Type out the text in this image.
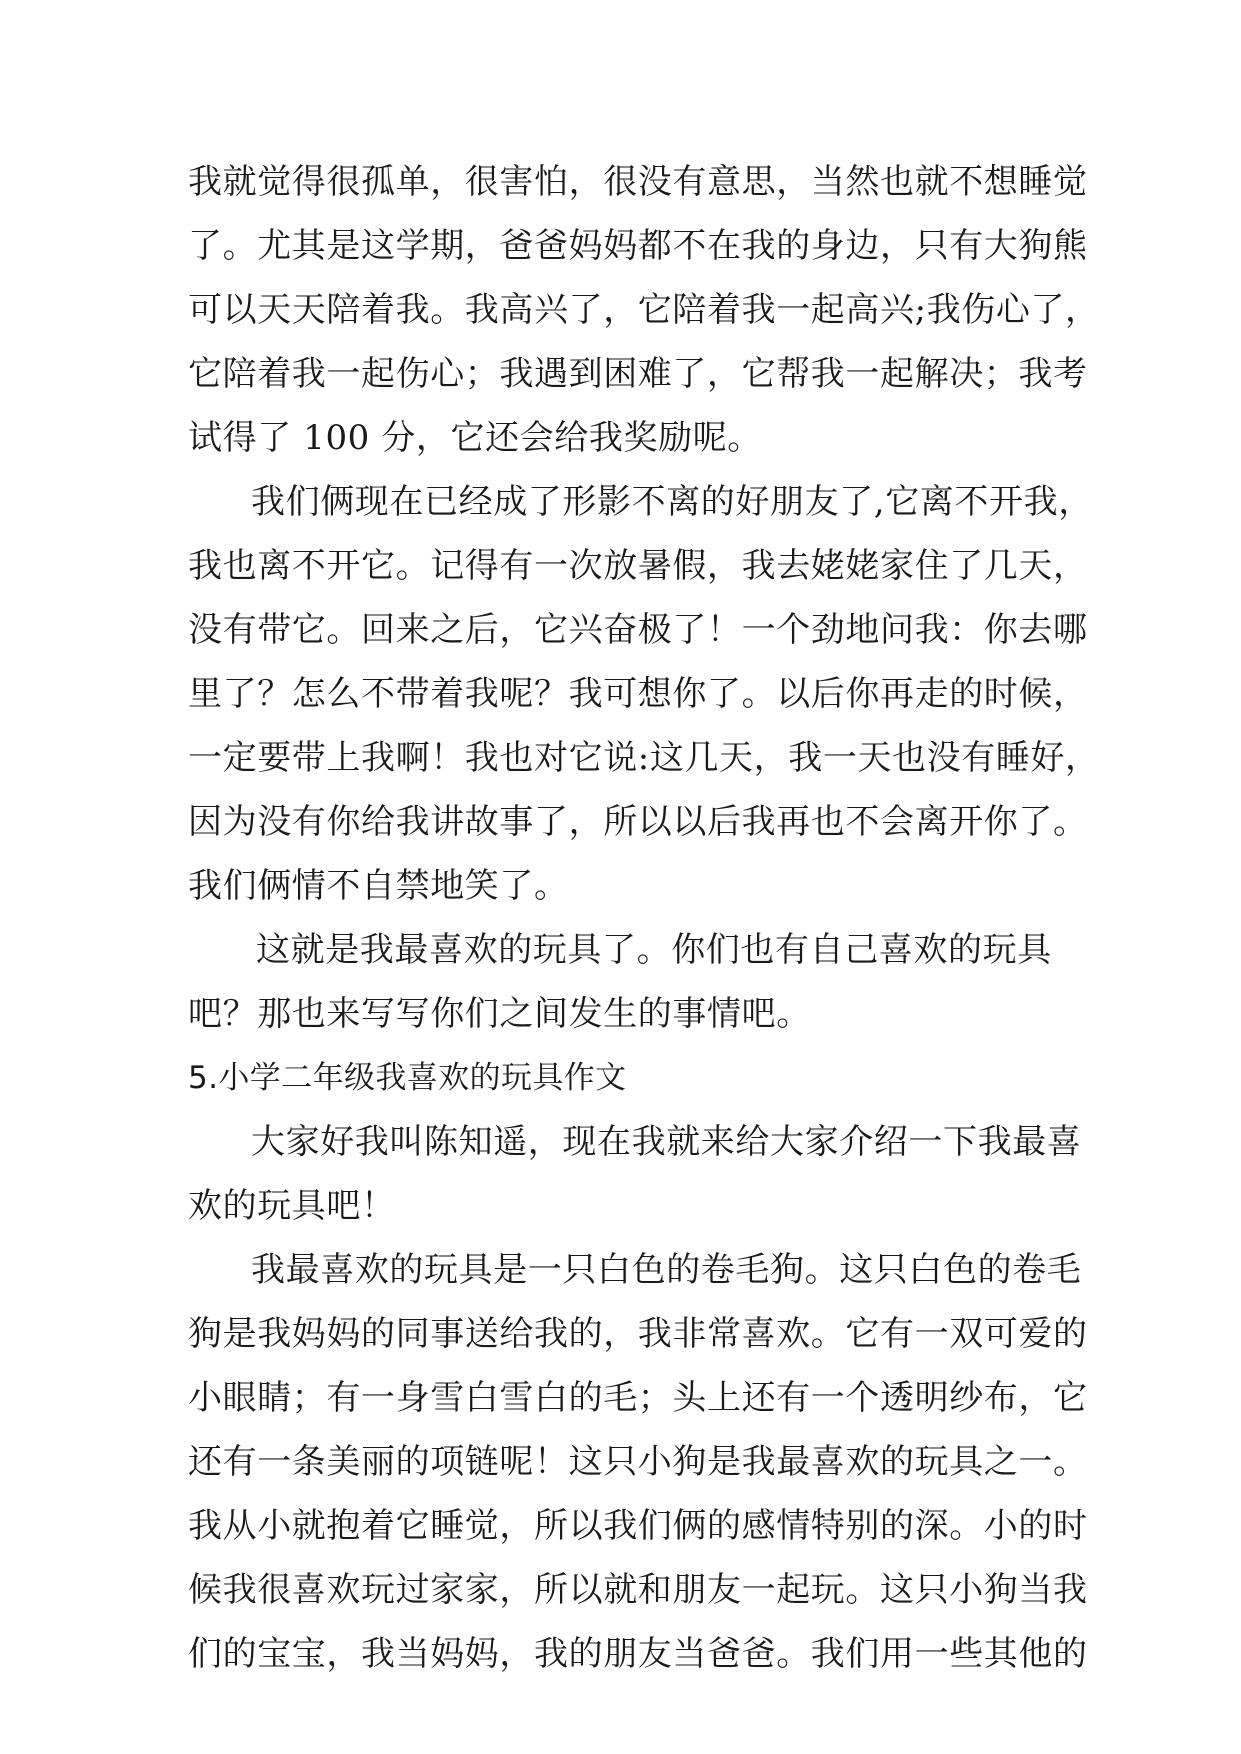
我就觉得很孤单，很害怕，很没有意思，当然也就不想睡觉
了。尤其是这学期，爸爸妈妈都不在我的身边，只有大狗熊
可以天天陪着我。我高兴了，它陪着我一起高兴;我伤心了，
它陪着我一起伤心；我遇到困难了，它帮我一起解决；我考
试得了 100 分，它还会给我奖励呢。
我们俩现在已经成了形影不离的好朋友了,它离不开我，
我也离不开它。记得有一次放暑假，我去姥姥家住了几天，
没有带它。回来之后，它兴奋极了！一个劲地问我：你去哪
里了？怎么不带着我呢？我可想你了。以后你再走的时候，
一定要带上我啊！我也对它说:这几天，我一天也没有睡好，
因为没有你给我讲故事了，所以以后我再也不会离开你了。
我们俩情不自禁地笑了。
这就是我最喜欢的玩具了。你们也有自己喜欢的玩具
吧？那也来写写你们之间发生的事情吧。
5.小学二年级我喜欢的玩具作文
大家好我叫陈知遥，现在我就来给大家介绍一下我最喜
欢的玩具吧！
我最喜欢的玩具是一只白色的卷毛狗。这只白色的卷毛
狗是我妈妈的同事送给我的，我非常喜欢。它有一双可爱的
小眼睛；有一身雪白雪白的毛；头上还有一个透明纱布，它
还有一条美丽的项链呢！这只小狗是我最喜欢的玩具之一。
我从小就抱着它睡觉，所以我们俩的感情特别的深。小的时
候我很喜欢玩过家家，所以就和朋友一起玩。这只小狗当我
们的宝宝，我当妈妈，我的朋友当爸爸。我们用一些其他的
